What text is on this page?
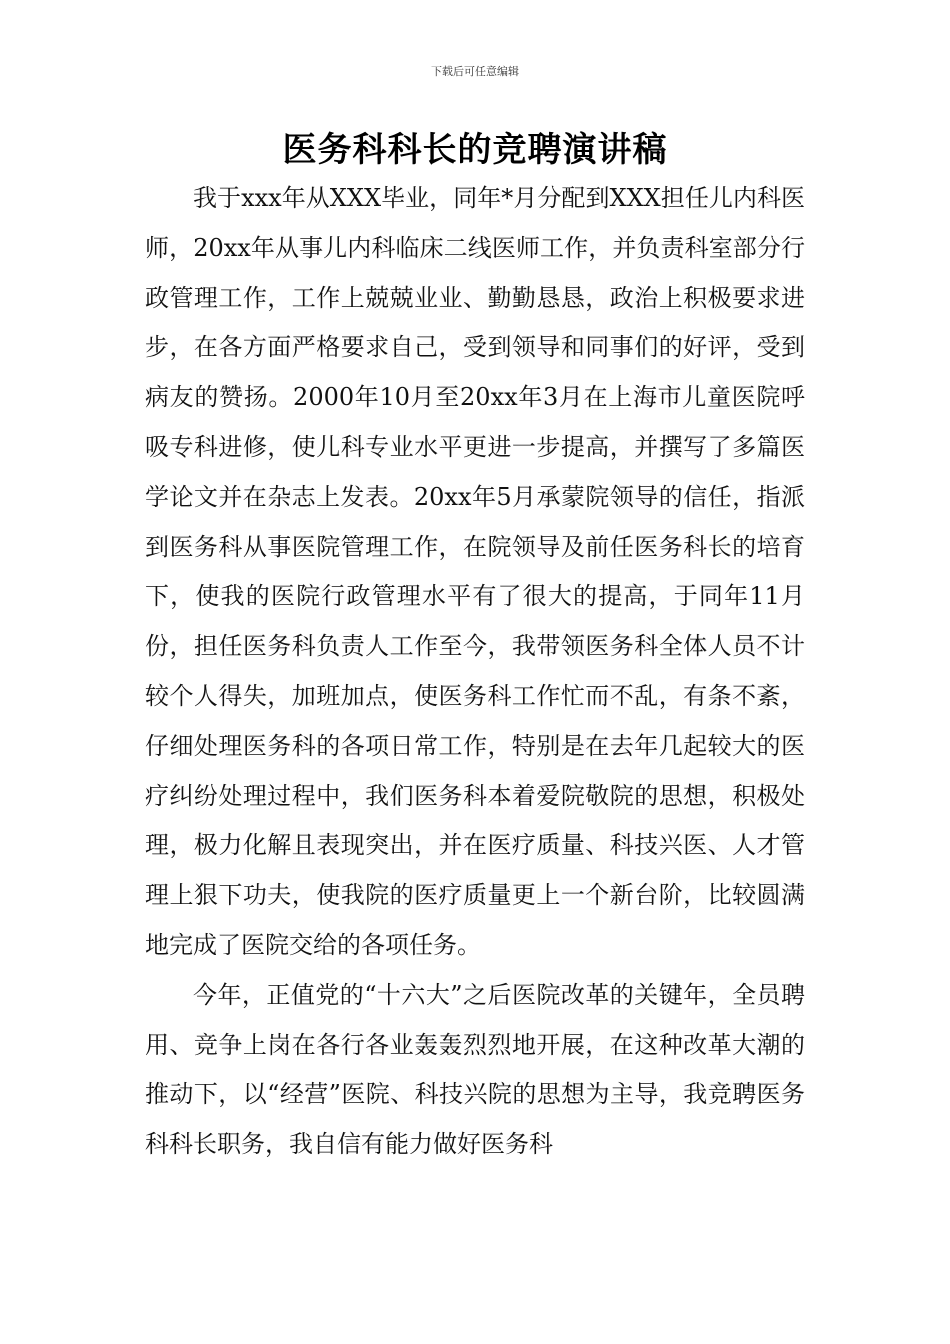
下载后可任意编辑
医务科科长的竞聘演讲稿

我于xxx年从XXX毕业，同年*月分配到XXX担任儿内科医师，20xx年从事儿内科临床二线医师工作，并负责科室部分行政管理工作，工作上兢兢业业、勤勤恳恳，政治上积极要求进步，在各方面严格要求自己，受到领导和同事们的好评，受到病友的赞扬。2000年10月至20xx年3月在上海市儿童医院呼吸专科进修，使儿科专业水平更进一步提高，并撰写了多篇医学论文并在杂志上发表。20xx年5月承蒙院领导的信任，指派到医务科从事医院管理工作，在院领导及前任医务科长的培育下，使我的医院行政管理水平有了很大的提高，于同年11月份，担任医务科负责人工作至今，我带领医务科全体人员不计较个人得失，加班加点，使医务科工作忙而不乱，有条不紊，仔细处理医务科的各项日常工作，特别是在去年几起较大的医疗纠纷处理过程中，我们医务科本着爱院敬院的思想，积极处理，极力化解且表现突出，并在医疗质量、科技兴医、人才管理上狠下功夫，使我院的医疗质量更上一个新台阶，比较圆满地完成了医院交给的各项任务。

今年，正值党的“十六大”之后医院改革的关键年，全员聘用、竞争上岗在各行各业轰轰烈烈地开展，在这种改革大潮的推动下，以“经营”医院、科技兴院的思想为主导，我竞聘医务科科长职务，我自信有能力做好医务科
